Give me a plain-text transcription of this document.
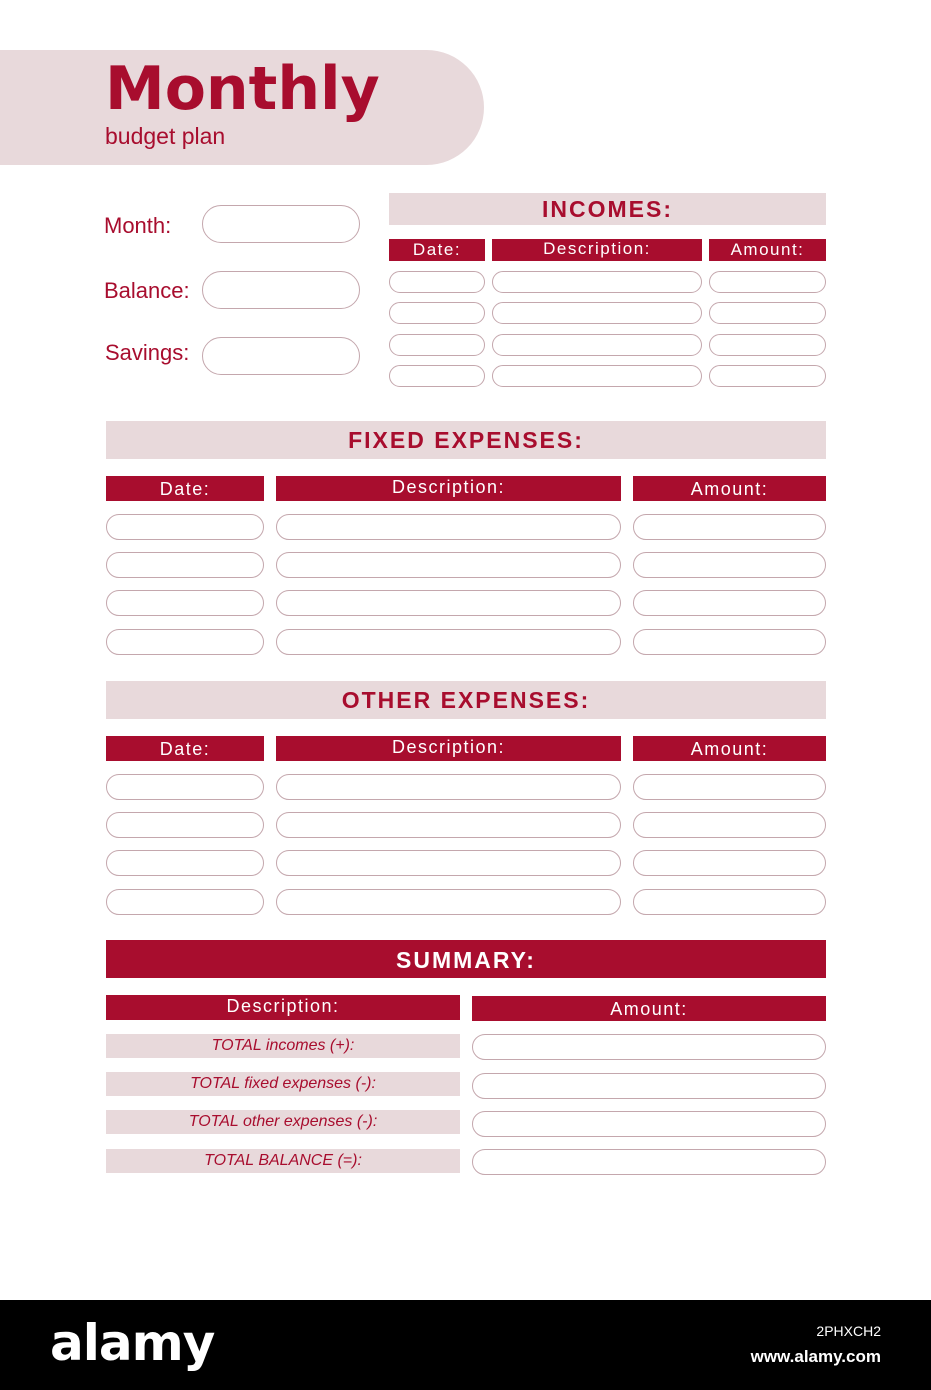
Monthly
budget plan
Month:
Balance:
Savings:
INCOMES:
Date:	Description:	Amount:
FIXED EXPENSES:
Date:	Description:	Amount:
OTHER EXPENSES:
Date:	Description:	Amount:
SUMMARY:
Description:	Amount:
TOTAL incomes (+):
TOTAL fixed expenses (-):
TOTAL other expenses (-):
TOTAL BALANCE (=):
alamy	2PHXCH2
www.alamy.com
